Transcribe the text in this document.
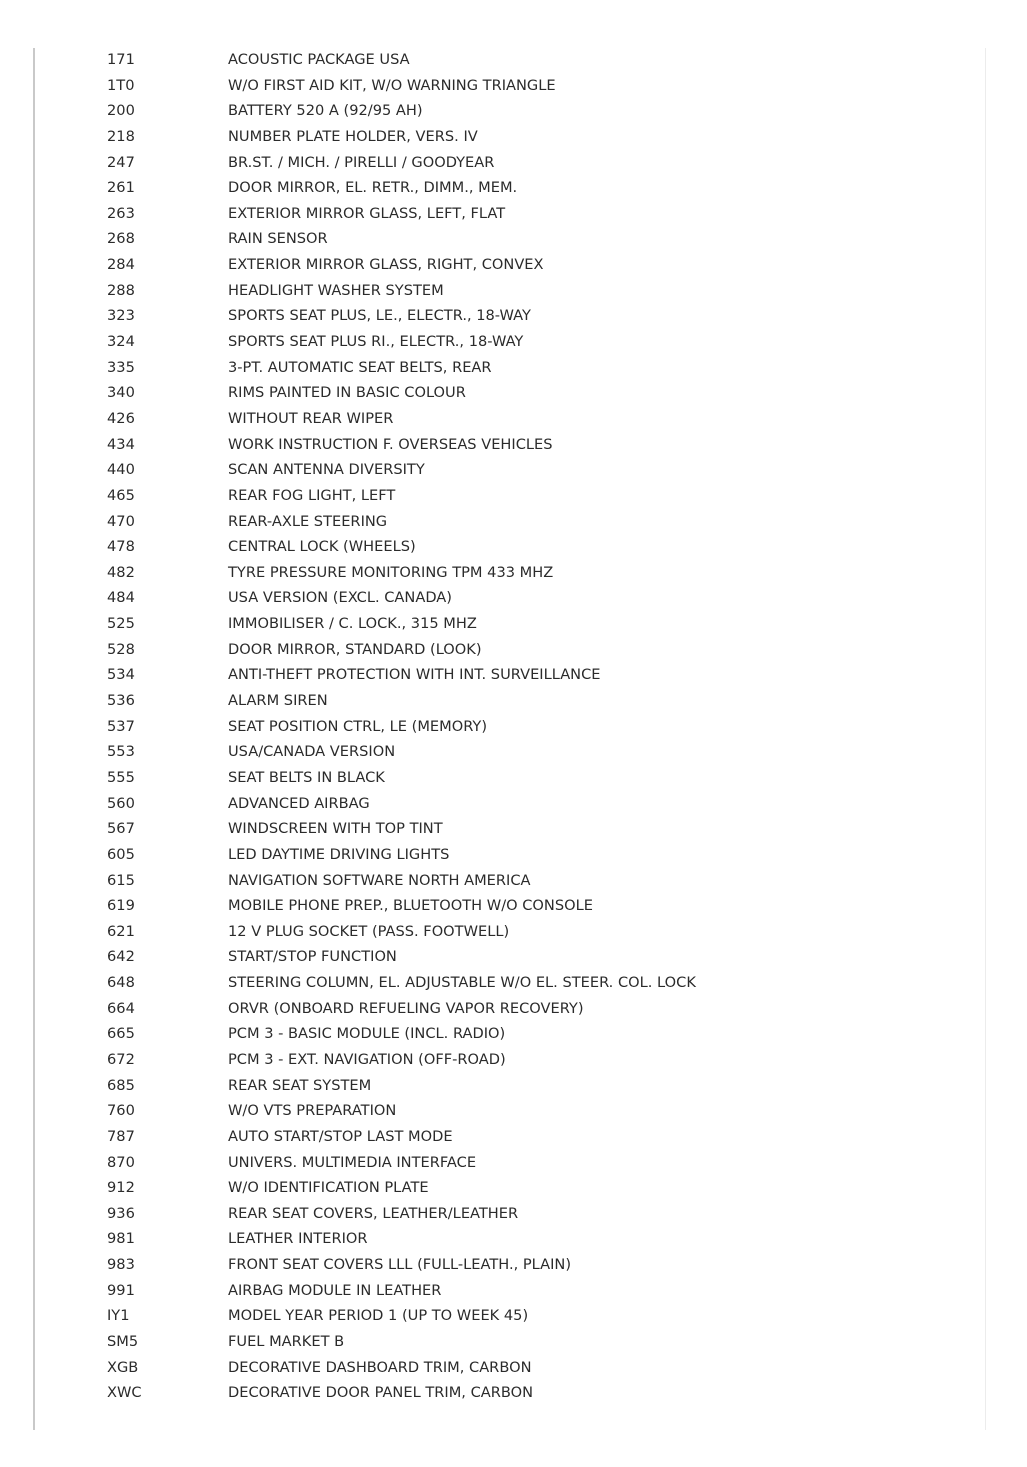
171	ACOUSTIC PACKAGE USA
1T0	W/O FIRST AID KIT, W/O WARNING TRIANGLE
200	BATTERY 520 A (92/95 AH)
218	NUMBER PLATE HOLDER, VERS. IV
247	BR.ST. / MICH. / PIRELLI / GOODYEAR
261	DOOR MIRROR, EL. RETR., DIMM., MEM.
263	EXTERIOR MIRROR GLASS, LEFT, FLAT
268	RAIN SENSOR
284	EXTERIOR MIRROR GLASS, RIGHT, CONVEX
288	HEADLIGHT WASHER SYSTEM
323	SPORTS SEAT PLUS, LE., ELECTR., 18-WAY
324	SPORTS SEAT PLUS RI., ELECTR., 18-WAY
335	3-PT. AUTOMATIC SEAT BELTS, REAR
340	RIMS PAINTED IN BASIC COLOUR
426	WITHOUT REAR WIPER
434	WORK INSTRUCTION F. OVERSEAS VEHICLES
440	SCAN ANTENNA DIVERSITY
465	REAR FOG LIGHT, LEFT
470	REAR-AXLE STEERING
478	CENTRAL LOCK (WHEELS)
482	TYRE PRESSURE MONITORING TPM 433 MHZ
484	USA VERSION (EXCL. CANADA)
525	IMMOBILISER / C. LOCK., 315 MHZ
528	DOOR MIRROR, STANDARD (LOOK)
534	ANTI-THEFT PROTECTION WITH INT. SURVEILLANCE
536	ALARM SIREN
537	SEAT POSITION CTRL, LE (MEMORY)
553	USA/CANADA VERSION
555	SEAT BELTS IN BLACK
560	ADVANCED AIRBAG
567	WINDSCREEN WITH TOP TINT
605	LED DAYTIME DRIVING LIGHTS
615	NAVIGATION SOFTWARE NORTH AMERICA
619	MOBILE PHONE PREP., BLUETOOTH W/O CONSOLE
621	12 V PLUG SOCKET (PASS. FOOTWELL)
642	START/STOP FUNCTION
648	STEERING COLUMN, EL. ADJUSTABLE W/O EL. STEER. COL. LOCK
664	ORVR (ONBOARD REFUELING VAPOR RECOVERY)
665	PCM 3 - BASIC MODULE (INCL. RADIO)
672	PCM 3 - EXT. NAVIGATION (OFF-ROAD)
685	REAR SEAT SYSTEM
760	W/O VTS PREPARATION
787	AUTO START/STOP LAST MODE
870	UNIVERS. MULTIMEDIA INTERFACE
912	W/O IDENTIFICATION PLATE
936	REAR SEAT COVERS, LEATHER/LEATHER
981	LEATHER INTERIOR
983	FRONT SEAT COVERS LLL (FULL-LEATH., PLAIN)
991	AIRBAG MODULE IN LEATHER
IY1	MODEL YEAR PERIOD 1 (UP TO WEEK 45)
SM5	FUEL MARKET B
XGB	DECORATIVE DASHBOARD TRIM, CARBON
XWC	DECORATIVE DOOR PANEL TRIM, CARBON
